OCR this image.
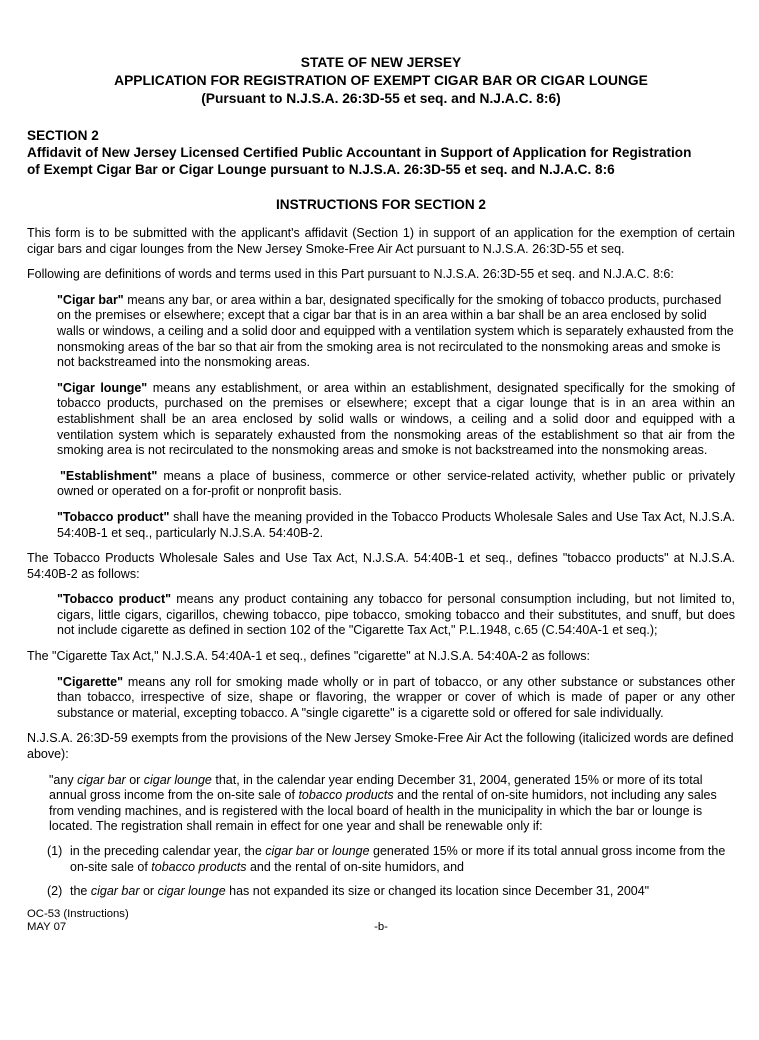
STATE OF NEW JERSEY
APPLICATION FOR REGISTRATION OF EXEMPT CIGAR BAR OR CIGAR LOUNGE
(Pursuant to N.J.S.A. 26:3D-55 et seq. and N.J.A.C. 8:6)
SECTION 2
Affidavit of New Jersey Licensed Certified Public Accountant in Support of Application for Registration
of Exempt Cigar Bar or Cigar Lounge pursuant to N.J.S.A. 26:3D-55 et seq. and N.J.A.C. 8:6
INSTRUCTIONS FOR SECTION 2
This form is to be submitted with the applicant's affidavit (Section 1) in support of an application for the exemption of certain cigar bars and cigar lounges from the New Jersey Smoke-Free Air Act pursuant to N.J.S.A. 26:3D-55 et seq.
Following are definitions of words and terms used in this Part pursuant to N.J.S.A. 26:3D-55 et seq. and N.J.A.C. 8:6:
"Cigar bar" means any bar, or area within a bar, designated specifically for the smoking of tobacco products, purchased on the premises or elsewhere; except that a cigar bar that is in an area within a bar shall be an area enclosed by solid walls or windows, a ceiling and a solid door and equipped with a ventilation system which is separately exhausted from the nonsmoking areas of the bar so that air from the smoking area is not recirculated to the nonsmoking areas and smoke is not backstreamed into the nonsmoking areas.
"Cigar lounge" means any establishment, or area within an establishment, designated specifically for the smoking of tobacco products, purchased on the premises or elsewhere; except that a cigar lounge that is in an area within an establishment shall be an area enclosed by solid walls or windows, a ceiling and a solid door and equipped with a ventilation system which is separately exhausted from the nonsmoking areas of the establishment so that air from the smoking area is not recirculated to the nonsmoking areas and smoke is not backstreamed into the nonsmoking areas.
"Establishment" means a place of business, commerce or other service-related activity, whether public or privately owned or operated on a for-profit or nonprofit basis.
"Tobacco product" shall have the meaning provided in the Tobacco Products Wholesale Sales and Use Tax Act, N.J.S.A. 54:40B-1 et seq., particularly N.J.S.A. 54:40B-2.
The Tobacco Products Wholesale Sales and Use Tax Act, N.J.S.A. 54:40B-1 et seq., defines "tobacco products" at N.J.S.A. 54:40B-2 as follows:
"Tobacco product" means any product containing any tobacco for personal consumption including, but not limited to, cigars, little cigars, cigarillos, chewing tobacco, pipe tobacco, smoking tobacco and their substitutes, and snuff, but does not include cigarette as defined in section 102 of the "Cigarette Tax Act," P.L.1948, c.65 (C.54:40A-1 et seq.);
The "Cigarette Tax Act," N.J.S.A. 54:40A-1 et seq., defines "cigarette" at N.J.S.A. 54:40A-2 as follows:
"Cigarette" means any roll for smoking made wholly or in part of tobacco, or any other substance or substances other than tobacco, irrespective of size, shape or flavoring, the wrapper or cover of which is made of paper or any other substance or material, excepting tobacco. A "single cigarette" is a cigarette sold or offered for sale individually.
N.J.S.A. 26:3D-59 exempts from the provisions of the New Jersey Smoke-Free Air Act the following (italicized words are defined above):
"any cigar bar or cigar lounge that, in the calendar year ending December 31, 2004, generated 15% or more of its total annual gross income from the on-site sale of tobacco products and the rental of on-site humidors, not including any sales from vending machines, and is registered with the local board of health in the municipality in which the bar or lounge is located. The registration shall remain in effect for one year and shall be renewable only if:
(1) in the preceding calendar year, the cigar bar or lounge generated 15% or more if its total annual gross income from the on-site sale of tobacco products and the rental of on-site humidors, and
(2) the cigar bar or cigar lounge has not expanded its size or changed its location since December 31, 2004"
OC-53 (Instructions)
MAY 07	-b-
